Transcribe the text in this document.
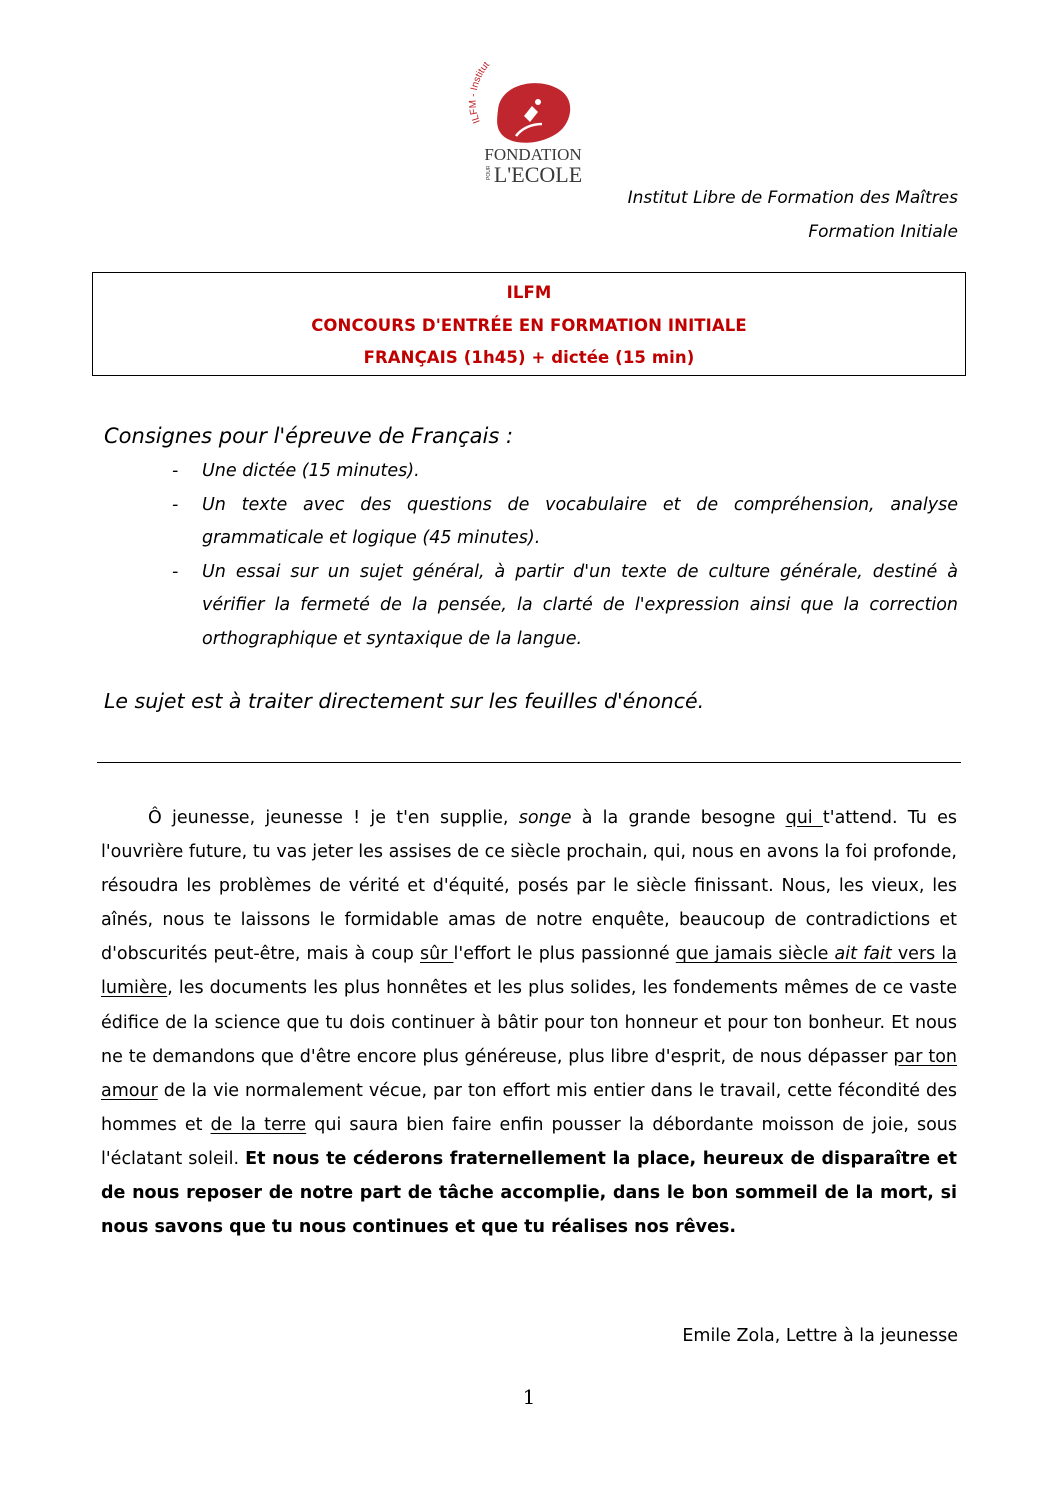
ILFM - Institut
FONDATION
POUR L'ECOLE
Institut Libre de Formation des Maîtres
Formation Initiale
ILFM
CONCOURS D'ENTRÉE EN FORMATION INITIALE
FRANÇAIS (1h45) + dictée (15 min)
Consignes pour l'épreuve de Français :
- Une dictée (15 minutes).
- Un texte avec des questions de vocabulaire et de compréhension, analyse grammaticale et logique (45 minutes).
- Un essai sur un sujet général, à partir d'un texte de culture générale, destiné à vérifier la fermeté de la pensée, la clarté de l'expression ainsi que la correction orthographique et syntaxique de la langue.
Le sujet est à traiter directement sur les feuilles d'énoncé.

Ô jeunesse, jeunesse ! je t'en supplie, songe à la grande besogne qui t'attend. Tu es l'ouvrière future, tu vas jeter les assises de ce siècle prochain, qui, nous en avons la foi profonde, résoudra les problèmes de vérité et d'équité, posés par le siècle finissant. Nous, les vieux, les aînés, nous te laissons le formidable amas de notre enquête, beaucoup de contradictions et d'obscurités peut-être, mais à coup sûr l'effort le plus passionné que jamais siècle ait fait vers la lumière, les documents les plus honnêtes et les plus solides, les fondements mêmes de ce vaste édifice de la science que tu dois continuer à bâtir pour ton honneur et pour ton bonheur. Et nous ne te demandons que d'être encore plus généreuse, plus libre d'esprit, de nous dépasser par ton amour de la vie normalement vécue, par ton effort mis entier dans le travail, cette fécondité des hommes et de la terre qui saura bien faire enfin pousser la débordante moisson de joie, sous l'éclatant soleil. Et nous te céderons fraternellement la place, heureux de disparaître et de nous reposer de notre part de tâche accomplie, dans le bon sommeil de la mort, si nous savons que tu nous continues et que tu réalises nos rêves.

Emile Zola, Lettre à la jeunesse
1
